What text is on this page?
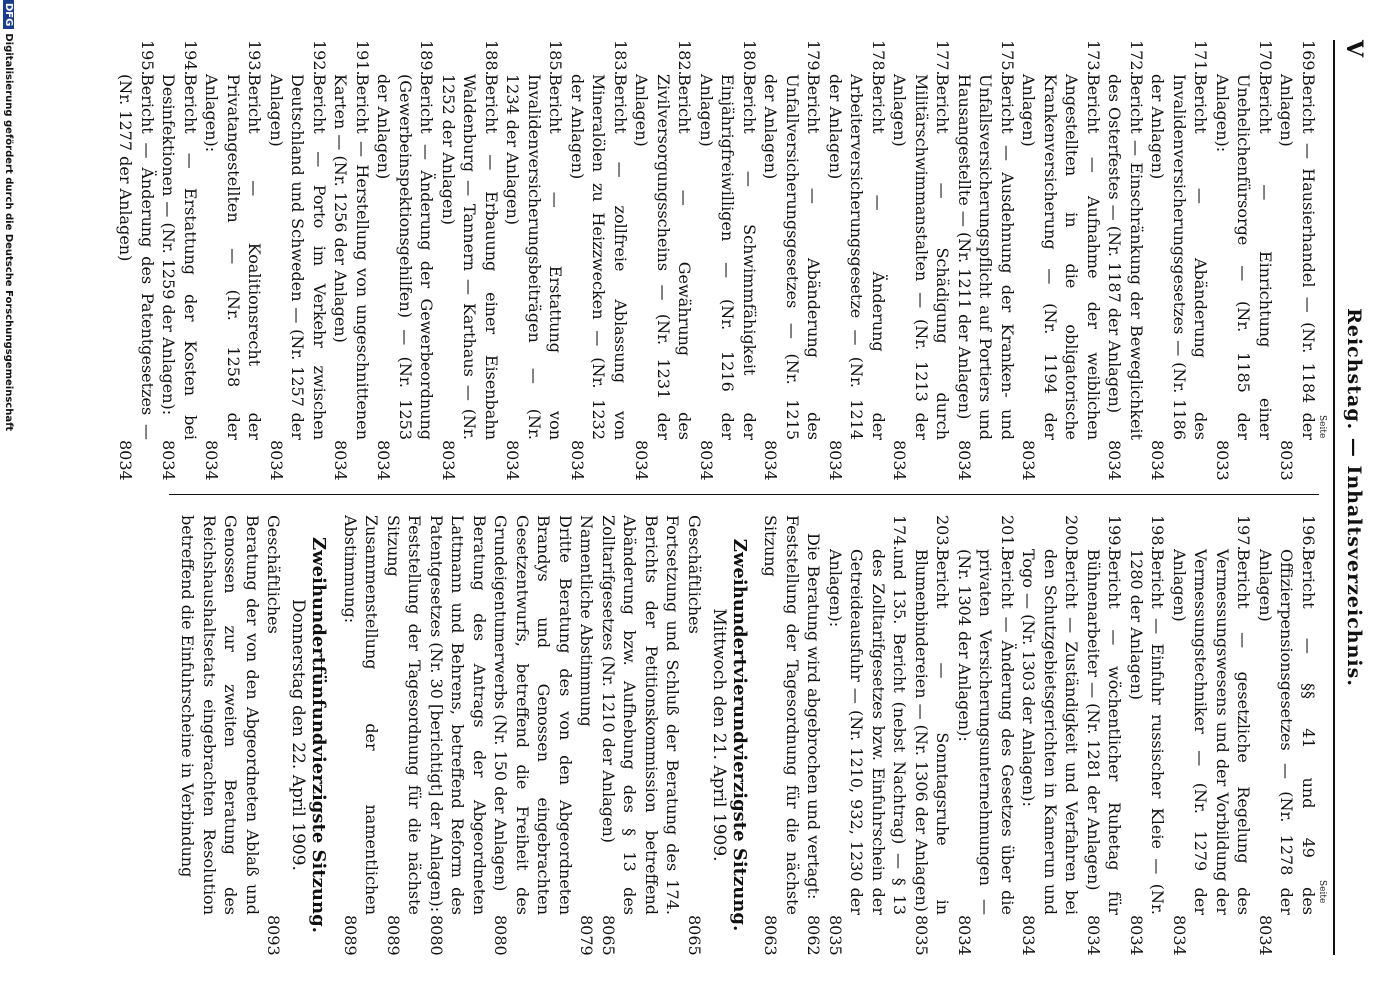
V
Reichstag. — Inhaltsverzeichnis.
Seite
Seite
169.
Bericht — Hausierhandel — (Nr. 1184 der Anlagen)
8033
170.
Bericht — Einrichtung einer Unehelichenfürsorge — (Nr. 1185 der Anlagen):
8033
171.
Bericht — Abänderung des Invalidenversicherungsgesetzes — (Nr. 1186 der Anlagen)
8034
172.
Bericht — Einschränkung der Beweglichkeit des Osterfestes — (Nr. 1187 der Anlagen)
8034
173.
Bericht — Aufnahme der weiblichen Angestellten in die obligatorische Krankenversicherung — (Nr. 1194 der Anlagen)
8034
175.
Bericht — Ausdehnung der Kranken- und Unfallsversicherungspflicht auf Portiers und Hausangestellte — (Nr. 1211 der Anlagen)
8034
177.
Bericht — Schädigung durch Militärschwimmanstalten — (Nr. 1213 der Anlagen)
8034
178.
Bericht — Änderung der Arbeiterversicherungsgesetze — (Nr. 1214 der Anlagen)
8034
179.
Bericht — Abänderung des Unfallversicherungsgesetzes — (Nr. 1215 der Anlagen)
8034
180.
Bericht — Schwimmfähigkeit der Einjährigfreiwilligen — (Nr. 1216 der Anlagen)
8034
182.
Bericht — Gewährung des Zivilversorgungsscheins — (Nr. 1231 der Anlagen)
8034
183.
Bericht — zollfreie Ablassung von Mineralölen zu Heizzwecken — (Nr. 1232 der Anlagen)
8034
185.
Bericht — Erstattung von Invalidenversicherungsbeiträgen — (Nr. 1234 der Anlagen)
8034
188.
Bericht — Erbauung einer Eisenbahn Waldenburg — Tannern — Karthaus — (Nr. 1252 der Anlagen)
8034
189.
Bericht — Änderung der Gewerbeordnung (Gewerbeinspektionsgehilfen) — (Nr. 1253 der Anlagen)
8034
191.
Bericht — Herstellung von ungeschnittenen Karten — (Nr. 1256 der Anlagen)
8034
192.
Bericht — Porto im Verkehr zwischen Deutschland und Schweden — (Nr. 1257 der Anlagen)
8034
193.
Bericht — Koalitionsrecht der Privatangestellten — (Nr. 1258 der Anlagen):
8034
194.
Bericht — Erstattung der Kosten bei Desinfektionen — (Nr. 1259 der Anlagen):
8034
195.
Bericht — Änderung des Patentgesetzes — (Nr. 1277 der Anlagen)
8034
196.
Bericht — §§ 41 und 49 des Offizierpensionsgesetzes — (Nr. 1278 der Anlagen)
8034
197.
Bericht — gesetzliche Regelung des Vermessungswesens und der Vorbildung der Vermessungstechniker — (Nr. 1279 der Anlagen)
8034
198.
Bericht — Einfuhr russischer Kleie — (Nr. 1280 der Anlagen)
8034
199.
Bericht — wöchentlicher Ruhetag für Bühnenarbeiter — (Nr. 1281 der Anlagen)
8034
200.
Bericht — Zuständigkeit und Verfahren bei den Schutzgebietsgerichten in Kamerun und Togo — (Nr. 1303 der Anlagen):
8034
201.
Bericht — Änderung des Gesetzes über die privaten Versicherungsunternehmungen — (Nr. 1304 der Anlagen):
8034
203.
Bericht — Sonntagsruhe in Blumenbindereien — (Nr. 1306 der Anlagen)
8035
174.
und 135. Bericht (nebst Nachtrag) — § 13 des Zolltarifgesetzes bzw. Einfuhrschein der Getreideausfuhr — (Nr. 1210, 932, 1230 der Anlagen):
8035
Die Beratung wird abgebrochen und vertagt:
8062
Feststellung der Tagesordnung für die nächste Sitzung
8063
Zweihundertvierundvierzigste Sitzung.
Mittwoch den 21. April 1909.
Geschäftliches
8065
Fortsetzung und Schluß der Beratung des 174. Berichts der Petitionskommission betreffend Abänderung bzw. Aufhebung des § 13 des Zolltarifgesetzes (Nr. 1210 der Anlagen)
8065
Namentliche Abstimmung
8079
Dritte Beratung des von den Abgeordneten Brandys und Genossen eingebrachten Gesetzentwurfs, betreffend die Freiheit des Grundeigentumerwerbs (Nr. 150 der Anlagen)
8080
Beratung des Antrags der Abgeordneten Lattmann und Behrens, betreffend Reform des Patentgesetzes (Nr. 30 [berichtigt] der Anlagen):
8080
Feststellung der Tagesordnung für die nächste Sitzung
8089
Zusammenstellung der namentlichen Abstimmung:
8089
Zweihundertfünfundvierzigste Sitzung.
Donnerstag den 22. April 1909.
Geschäftliches
8093
Beratung der von den Abgeordneten Ablaß und Genossen zur zweiten Beratung des Reichshaushaltsetats eingebrachten Resolution betreffend die Einfuhrscheine in Verbindung
DFG
Digitalisierung gefördert durch die Deutsche Forschungsgemeinschaft
